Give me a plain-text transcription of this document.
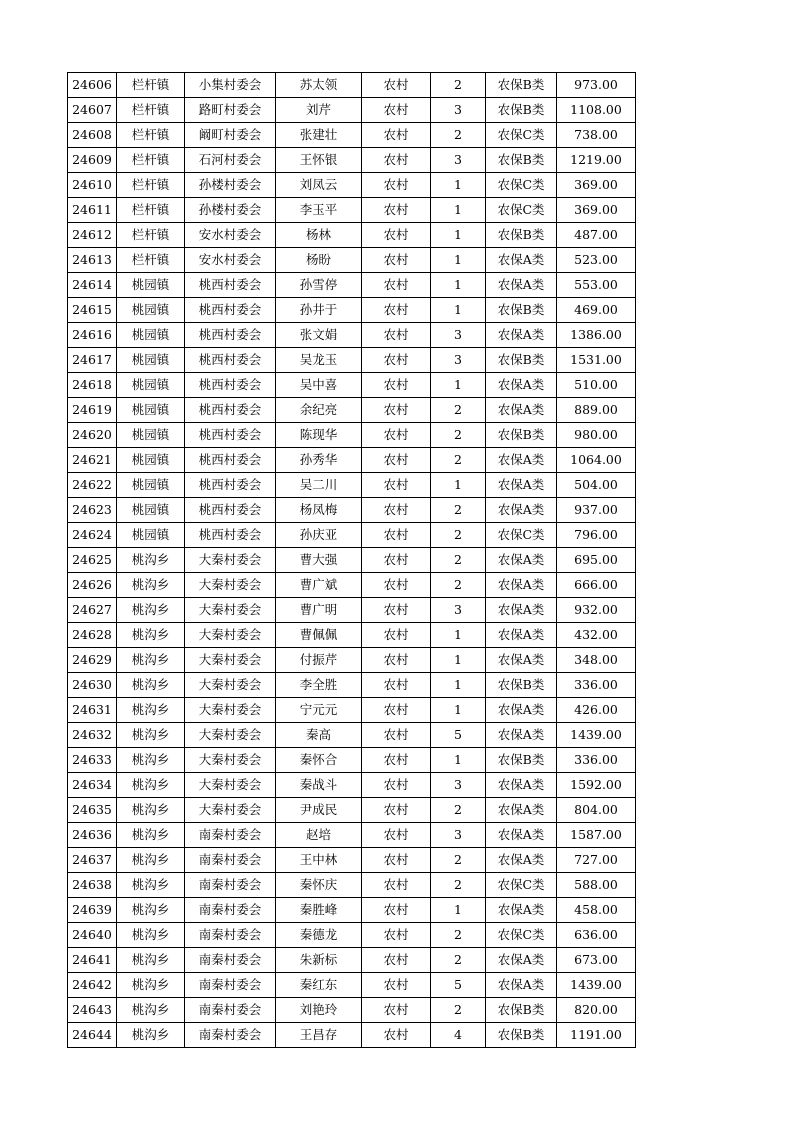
24606	栏杆镇	小集村委会	苏太领	农村	2	农保B类	973.00
24607	栏杆镇	路町村委会	刘芹	农村	3	农保B类	1108.00
24608	栏杆镇	阚町村委会	张建壮	农村	2	农保C类	738.00
24609	栏杆镇	石河村委会	王怀银	农村	3	农保B类	1219.00
24610	栏杆镇	孙楼村委会	刘凤云	农村	1	农保C类	369.00
24611	栏杆镇	孙楼村委会	李玉平	农村	1	农保C类	369.00
24612	栏杆镇	安水村委会	杨林	农村	1	农保B类	487.00
24613	栏杆镇	安水村委会	杨盼	农村	1	农保A类	523.00
24614	桃园镇	桃西村委会	孙雪停	农村	1	农保A类	553.00
24615	桃园镇	桃西村委会	孙井于	农村	1	农保B类	469.00
24616	桃园镇	桃西村委会	张文娟	农村	3	农保A类	1386.00
24617	桃园镇	桃西村委会	吴龙玉	农村	3	农保B类	1531.00
24618	桃园镇	桃西村委会	吴中喜	农村	1	农保A类	510.00
24619	桃园镇	桃西村委会	余纪亮	农村	2	农保A类	889.00
24620	桃园镇	桃西村委会	陈现华	农村	2	农保B类	980.00
24621	桃园镇	桃西村委会	孙秀华	农村	2	农保A类	1064.00
24622	桃园镇	桃西村委会	吴二川	农村	1	农保A类	504.00
24623	桃园镇	桃西村委会	杨凤梅	农村	2	农保A类	937.00
24624	桃园镇	桃西村委会	孙庆亚	农村	2	农保C类	796.00
24625	桃沟乡	大秦村委会	曹大强	农村	2	农保A类	695.00
24626	桃沟乡	大秦村委会	曹广斌	农村	2	农保A类	666.00
24627	桃沟乡	大秦村委会	曹广明	农村	3	农保A类	932.00
24628	桃沟乡	大秦村委会	曹佩佩	农村	1	农保A类	432.00
24629	桃沟乡	大秦村委会	付振芹	农村	1	农保A类	348.00
24630	桃沟乡	大秦村委会	李全胜	农村	1	农保B类	336.00
24631	桃沟乡	大秦村委会	宁元元	农村	1	农保A类	426.00
24632	桃沟乡	大秦村委会	秦高	农村	5	农保A类	1439.00
24633	桃沟乡	大秦村委会	秦怀合	农村	1	农保B类	336.00
24634	桃沟乡	大秦村委会	秦战斗	农村	3	农保A类	1592.00
24635	桃沟乡	大秦村委会	尹成民	农村	2	农保A类	804.00
24636	桃沟乡	南秦村委会	赵培	农村	3	农保A类	1587.00
24637	桃沟乡	南秦村委会	王中林	农村	2	农保A类	727.00
24638	桃沟乡	南秦村委会	秦怀庆	农村	2	农保C类	588.00
24639	桃沟乡	南秦村委会	秦胜峰	农村	1	农保A类	458.00
24640	桃沟乡	南秦村委会	秦德龙	农村	2	农保C类	636.00
24641	桃沟乡	南秦村委会	朱新标	农村	2	农保A类	673.00
24642	桃沟乡	南秦村委会	秦红东	农村	5	农保A类	1439.00
24643	桃沟乡	南秦村委会	刘艳玲	农村	2	农保B类	820.00
24644	桃沟乡	南秦村委会	王昌存	农村	4	农保B类	1191.00
